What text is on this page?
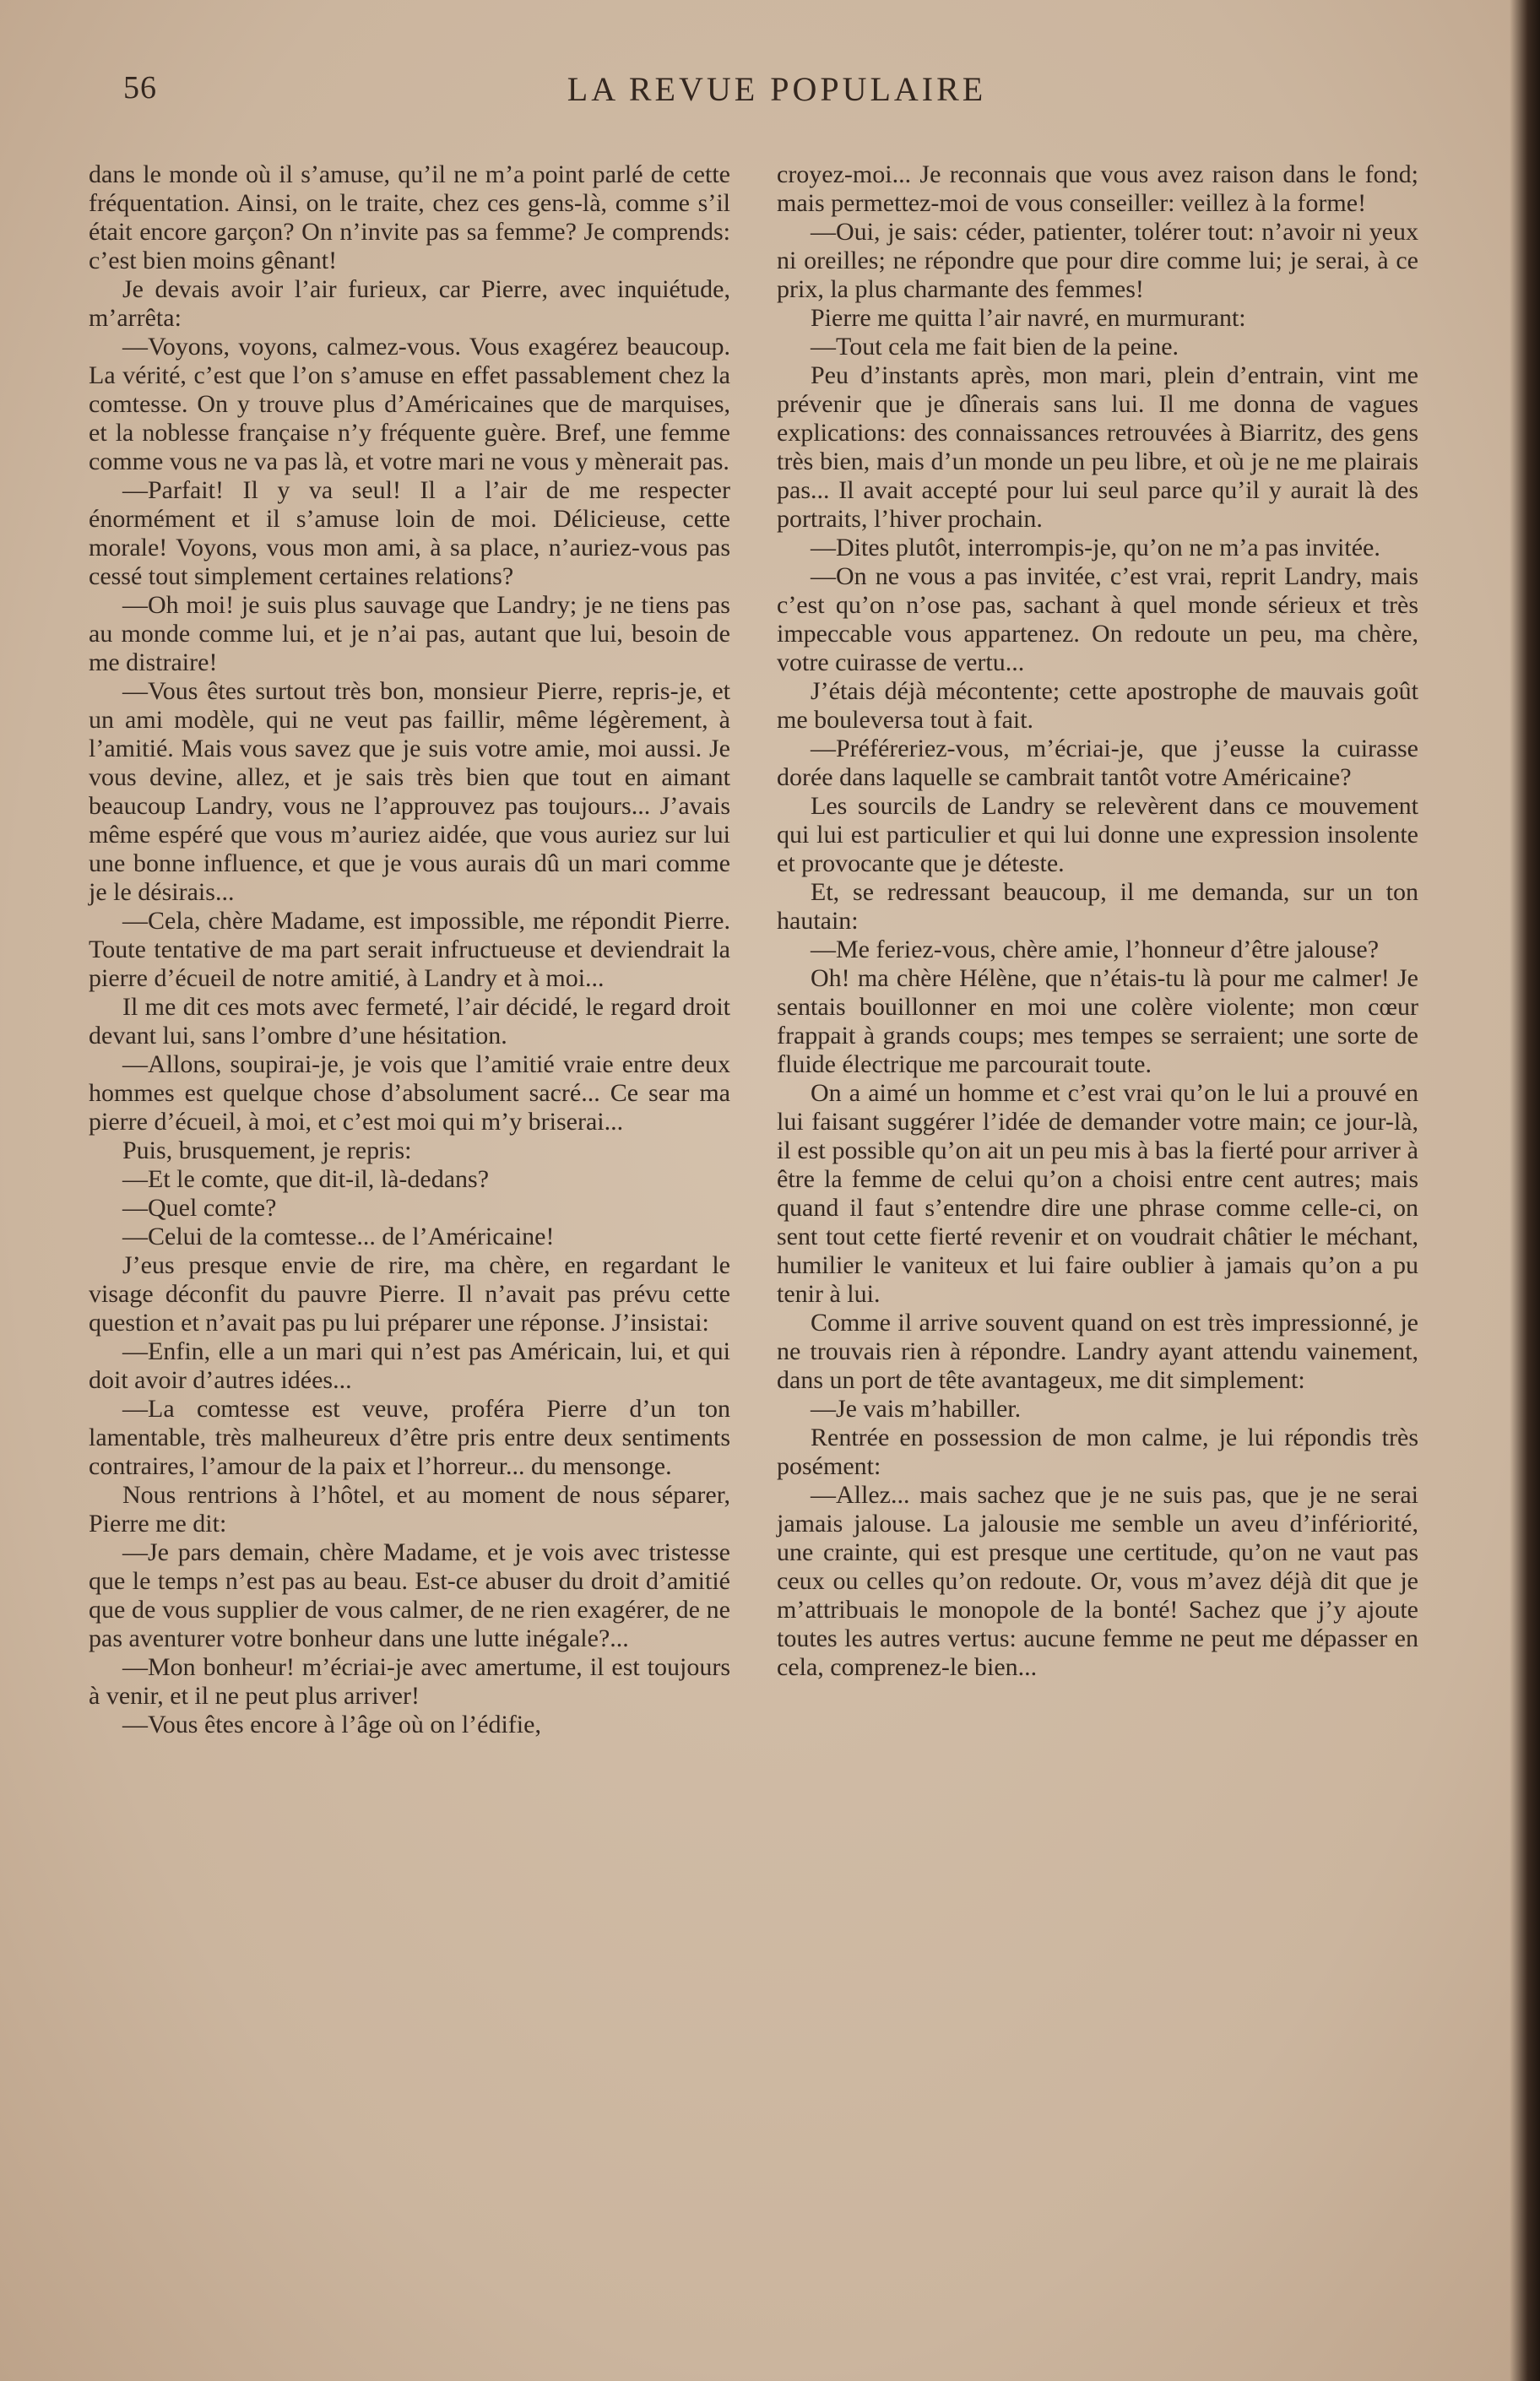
56	LA REVUE POPULAIRE

dans le monde où il s’amuse, qu’il ne m’a point parlé de cette fréquentation. Ainsi, on le traite, chez ces gens-là, comme s’il était encore garçon? On n’invite pas sa femme? Je comprends: c’est bien moins gênant!

Je devais avoir l’air furieux, car Pierre, avec inquiétude, m’arrêta:

—Voyons, voyons, calmez-vous. Vous exagérez beaucoup. La vérité, c’est que l’on s’amuse en effet passablement chez la comtesse. On y trouve plus d’Américaines que de marquises, et la noblesse française n’y fréquente guère. Bref, une femme comme vous ne va pas là, et votre mari ne vous y mènerait pas.

—Parfait! Il y va seul! Il a l’air de me respecter énormément et il s’amuse loin de moi. Délicieuse, cette morale! Voyons, vous mon ami, à sa place, n’auriez-vous pas cessé tout simplement certaines relations?

—Oh moi! je suis plus sauvage que Landry; je ne tiens pas au monde comme lui, et je n’ai pas, autant que lui, besoin de me distraire!

—Vous êtes surtout très bon, monsieur Pierre, repris-je, et un ami modèle, qui ne veut pas faillir, même légèrement, à l’amitié. Mais vous savez que je suis votre amie, moi aussi. Je vous devine, allez, et je sais très bien que tout en aimant beaucoup Landry, vous ne l’approuvez pas toujours... J’avais même espéré que vous m’auriez aidée, que vous auriez sur lui une bonne influence, et que je vous aurais dû un mari comme je le désirais...

—Cela, chère Madame, est impossible, me répondit Pierre. Toute tentative de ma part serait infructueuse et deviendrait la pierre d’écueil de notre amitié, à Landry et à moi...

Il me dit ces mots avec fermeté, l’air décidé, le regard droit devant lui, sans l’ombre d’une hésitation.

—Allons, soupirai-je, je vois que l’amitié vraie entre deux hommes est quelque chose d’absolument sacré... Ce sear ma pierre d’écueil, à moi, et c’est moi qui m’y briserai...

Puis, brusquement, je repris:

—Et le comte, que dit-il, là-dedans?

—Quel comte?

—Celui de la comtesse... de l’Américaine!

J’eus presque envie de rire, ma chère, en regardant le visage déconfit du pauvre Pierre. Il n’avait pas prévu cette question et n’avait pas pu lui préparer une réponse. J’insistai:

—Enfin, elle a un mari qui n’est pas Américain, lui, et qui doit avoir d’autres idées...

—La comtesse est veuve, proféra Pierre d’un ton lamentable, très malheureux d’être pris entre deux sentiments contraires, l’amour de la paix et l’horreur... du mensonge.

Nous rentrions à l’hôtel, et au moment de nous séparer, Pierre me dit:

—Je pars demain, chère Madame, et je vois avec tristesse que le temps n’est pas au beau. Est-ce abuser du droit d’amitié que de vous supplier de vous calmer, de ne rien exagérer, de ne pas aventurer votre bonheur dans une lutte inégale?...

—Mon bonheur! m’écriai-je avec amertume, il est toujours à venir, et il ne peut plus arriver!

—Vous êtes encore à l’âge où on l’édifie,

croyez-moi... Je reconnais que vous avez raison dans le fond; mais permettez-moi de vous conseiller: veillez à la forme!

—Oui, je sais: céder, patienter, tolérer tout: n’avoir ni yeux ni oreilles; ne répondre que pour dire comme lui; je serai, à ce prix, la plus charmante des femmes!

Pierre me quitta l’air navré, en murmurant:

—Tout cela me fait bien de la peine.

Peu d’instants après, mon mari, plein d’entrain, vint me prévenir que je dînerais sans lui. Il me donna de vagues explications: des connaissances retrouvées à Biarritz, des gens très bien, mais d’un monde un peu libre, et où je ne me plairais pas... Il avait accepté pour lui seul parce qu’il y aurait là des portraits, l’hiver prochain.

—Dites plutôt, interrompis-je, qu’on ne m’a pas invitée.

—On ne vous a pas invitée, c’est vrai, reprit Landry, mais c’est qu’on n’ose pas, sachant à quel monde sérieux et très impeccable vous appartenez. On redoute un peu, ma chère, votre cuirasse de vertu...

J’étais déjà mécontente; cette apostrophe de mauvais goût me bouleversa tout à fait.

—Préféreriez-vous, m’écriai-je, que j’eusse la cuirasse dorée dans laquelle se cambrait tantôt votre Américaine?

Les sourcils de Landry se relevèrent dans ce mouvement qui lui est particulier et qui lui donne une expression insolente et provocante que je déteste.

Et, se redressant beaucoup, il me demanda, sur un ton hautain:

—Me feriez-vous, chère amie, l’honneur d’être jalouse?

Oh! ma chère Hélène, que n’étais-tu là pour me calmer! Je sentais bouillonner en moi une colère violente; mon cœur frappait à grands coups; mes tempes se serraient; une sorte de fluide électrique me parcourait toute.

On a aimé un homme et c’est vrai qu’on le lui a prouvé en lui faisant suggérer l’idée de demander votre main; ce jour-là, il est possible qu’on ait un peu mis à bas la fierté pour arriver à être la femme de celui qu’on a choisi entre cent autres; mais quand il faut s’entendre dire une phrase comme celle-ci, on sent tout cette fierté revenir et on voudrait châtier le méchant, humilier le vaniteux et lui faire oublier à jamais qu’on a pu tenir à lui.

Comme il arrive souvent quand on est très impressionné, je ne trouvais rien à répondre. Landry ayant attendu vainement, dans un port de tête avantageux, me dit simplement:

—Je vais m’habiller.

Rentrée en possession de mon calme, je lui répondis très posément:

—Allez... mais sachez que je ne suis pas, que je ne serai jamais jalouse. La jalousie me semble un aveu d’infériorité, une crainte, qui est presque une certitude, qu’on ne vaut pas ceux ou celles qu’on redoute. Or, vous m’avez déjà dit que je m’attribuais le monopole de la bonté! Sachez que j’y ajoute toutes les autres vertus: aucune femme ne peut me dépasser en cela, comprenez-le bien...
